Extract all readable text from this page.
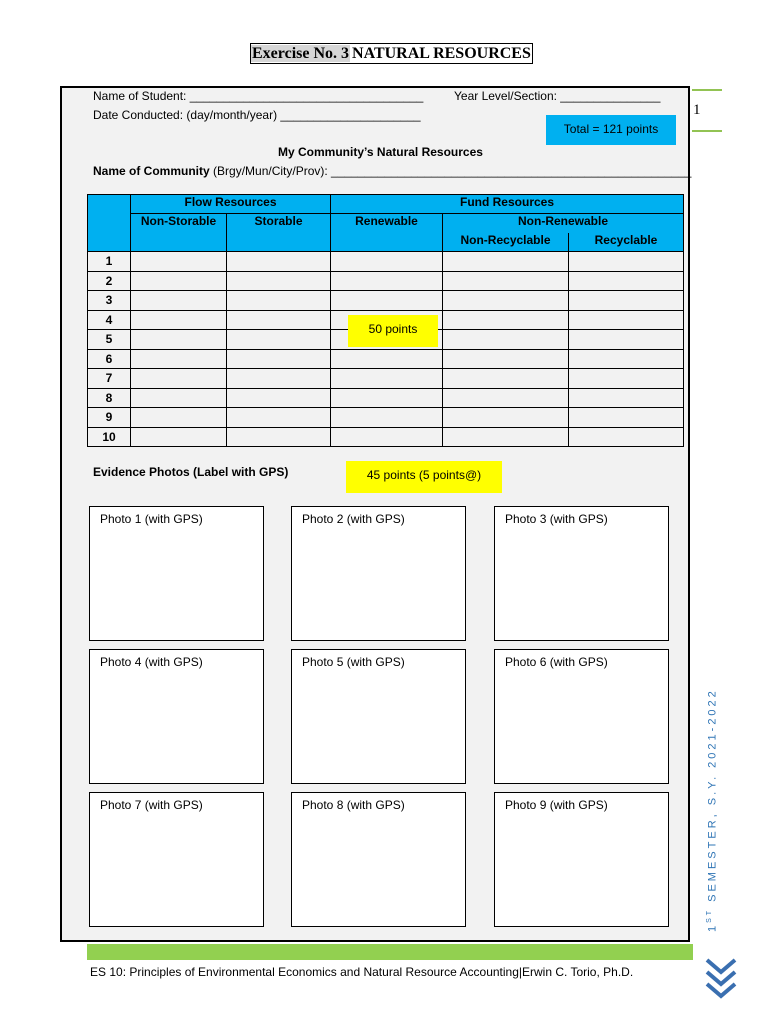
Exercise No. 3 NATURAL RESOURCES
1
Name of Student: ___________________________________	Year Level/Section: _______________
Date Conducted: (day/month/year) _____________________
Total = 121 points
My Community’s Natural Resources
Name of Community (Brgy/Mun/City/Prov): ______________________________________________________
	Flow Resources		Fund Resources		
	Non-Storable	Storable	Renewable	Non-Renewable	
				Non-Recyclable	Recyclable
1					
2					
3					
4					
5					
6					
7					
8					
9					
10					
50 points
Evidence Photos (Label with GPS)	45 points (5 points@)
Photo 1 (with GPS)	Photo 2 (with GPS)	Photo 3 (with GPS)
Photo 4 (with GPS)	Photo 5 (with GPS)	Photo 6 (with GPS)
Photo 7 (with GPS)	Photo 8 (with GPS)	Photo 9 (with GPS)
ES 10: Principles of Environmental Economics and Natural Resource Accounting|Erwin C. Torio, Ph.D.
1ST SEMESTER, S.Y. 2021-2022
